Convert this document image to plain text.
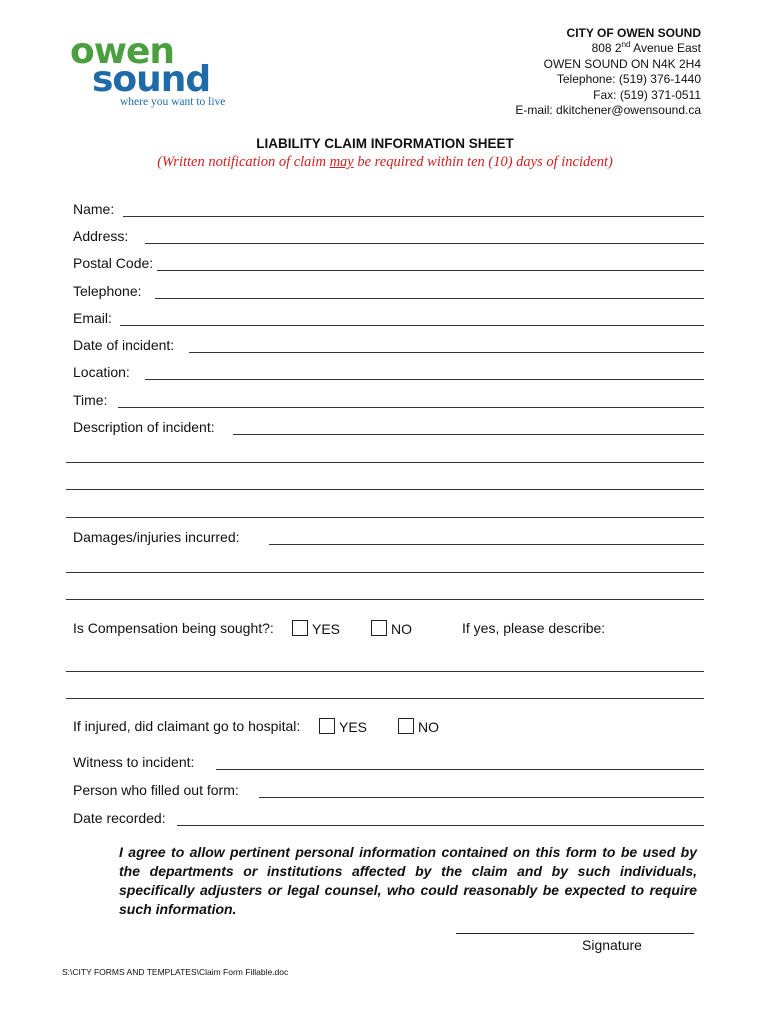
owen
sound
where you want to live
CITY OF OWEN SOUND
808 2nd Avenue East
OWEN SOUND ON N4K 2H4
Telephone: (519) 376-1440
Fax: (519) 371-0511
E-mail: dkitchener@owensound.ca
LIABILITY CLAIM INFORMATION SHEET
(Written notification of claim may be required within ten (10) days of incident)
Name:
Address:
Postal Code:
Telephone:
Email:
Date of incident:
Location:
Time:
Description of incident:
Damages/injuries incurred:
Is Compensation being sought?:	YES	NO	If yes, please describe:
If injured, did claimant go to hospital:	YES	NO
Witness to incident:
Person who filled out form:
Date recorded:
I agree to allow pertinent personal information contained on this form to be used by the departments or institutions affected by the claim and by such individuals, specifically adjusters or legal counsel, who could reasonably be expected to require such information.
Signature
S:\CITY FORMS AND TEMPLATES\Claim Form Fillable.doc
